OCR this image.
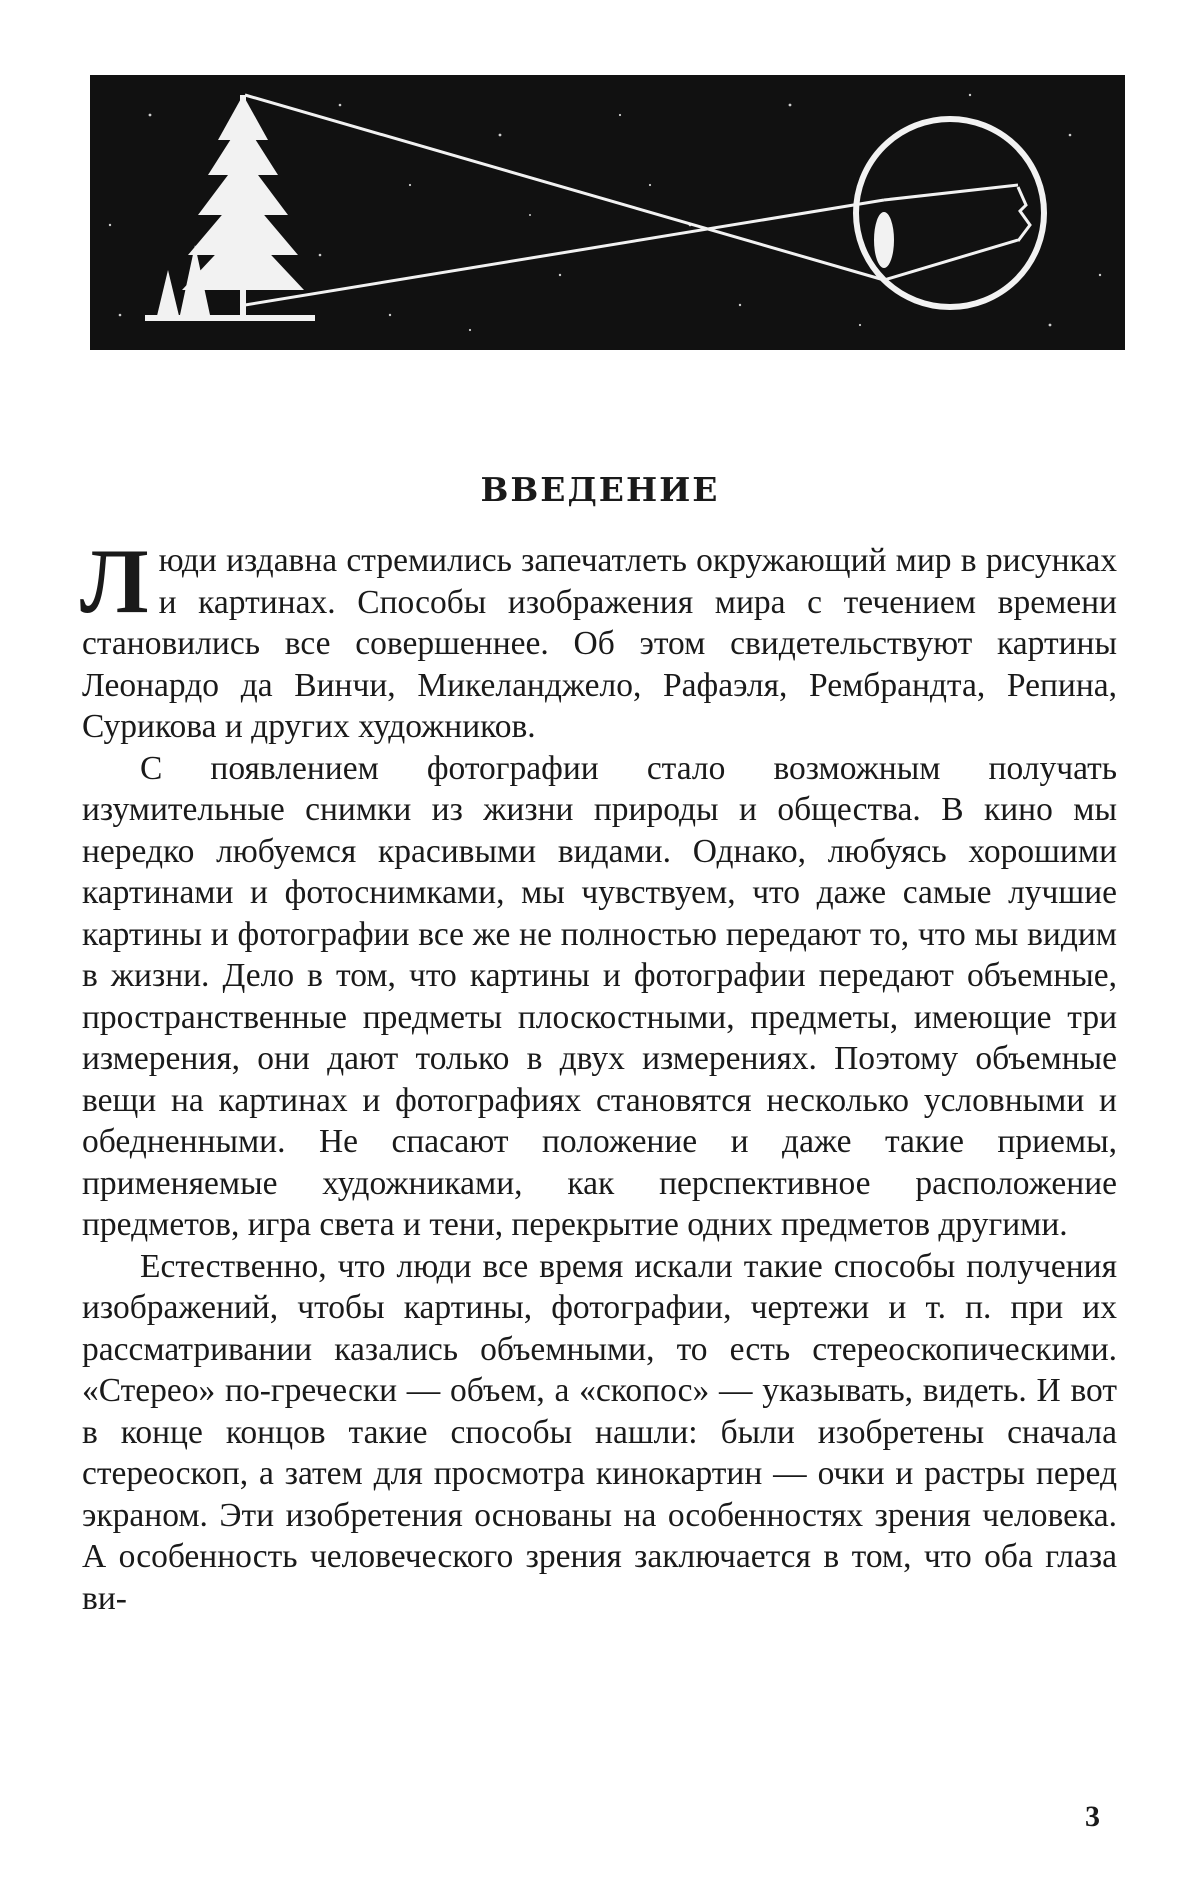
ВВЕДЕНИЕ

Люди издавна стремились запечатлеть окружающий мир в рисунках и картинах. Способы изображения мира с течением времени становились все совершеннее. Об этом свидетельствуют картины Леонардо да Винчи, Микеланджело, Рафаэля, Рембрандта, Репина, Сурикова и других художников.

С появлением фотографии стало возможным получать изумительные снимки из жизни природы и общества. В кино мы нередко любуемся красивыми видами. Однако, любуясь хорошими картинами и фотоснимками, мы чувствуем, что даже самые лучшие картины и фотографии все же не полностью передают то, что мы видим в жизни. Дело в том, что картины и фотографии передают объемные, пространственные предметы плоскостными, предметы, имеющие три измерения, они дают только в двух измерениях. Поэтому объемные вещи на картинах и фотографиях становятся несколько условными и обедненными. Не спасают положение и даже такие приемы, применяемые художниками, как перспективное расположение предметов, игра света и тени, перекрытие одних предметов другими.

Естественно, что люди все время искали такие способы получения изображений, чтобы картины, фотографии, чертежи и т. п. при их рассматривании казались объемными, то есть стереоскопическими. «Стерео» по-гречески — объем, а «скопос» — указывать, видеть. И вот в конце концов такие способы нашли: были изобретены сначала стереоскоп, а затем для просмотра кинокартин — очки и растры перед экраном. Эти изобретения основаны на особенностях зрения человека. А особенность человеческого зрения заключается в том, что оба глаза ви-

3
